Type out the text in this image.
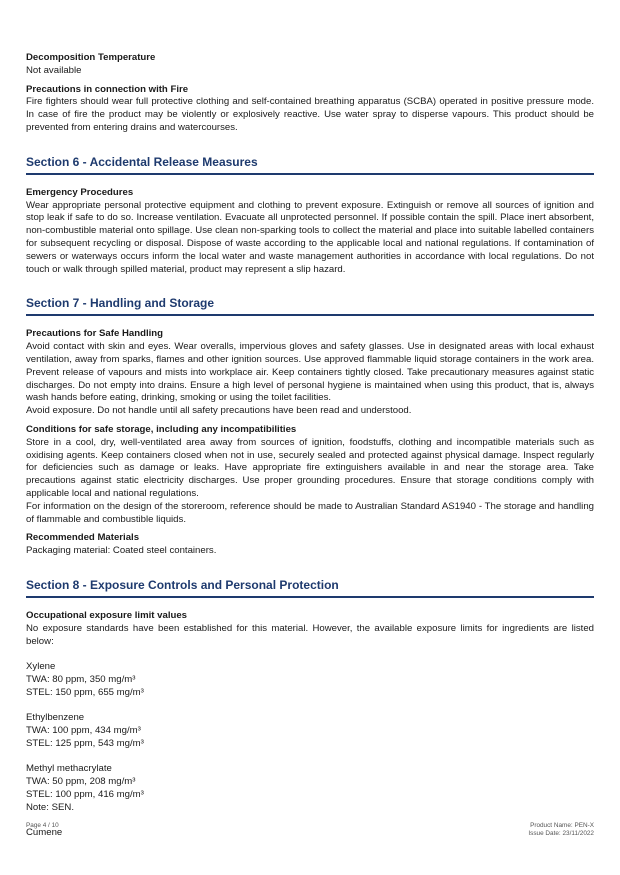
Decomposition Temperature

Not available

Precautions in connection with Fire

Fire fighters should wear full protective clothing and self-contained breathing apparatus (SCBA) operated in positive pressure mode. In case of fire the product may be violently or explosively reactive. Use water spray to disperse vapours. This product should be prevented from entering drains and watercourses.

Section 6 - Accidental Release Measures

Emergency Procedures

Wear appropriate personal protective equipment and clothing to prevent exposure. Extinguish or remove all sources of ignition and stop leak if safe to do so. Increase ventilation. Evacuate all unprotected personnel. If possible contain the spill. Place inert absorbent, non-combustible material onto spillage. Use clean non-sparking tools to collect the material and place into suitable labelled containers for subsequent recycling or disposal. Dispose of waste according to the applicable local and national regulations. If contamination of sewers or waterways occurs inform the local water and waste management authorities in accordance with local regulations. Do not touch or walk through spilled material, product may represent a slip hazard.

Section 7 - Handling and Storage

Precautions for Safe Handling

Avoid contact with skin and eyes. Wear overalls, impervious gloves and safety glasses. Use in designated areas with local exhaust ventilation, away from sparks, flames and other ignition sources. Use approved flammable liquid storage containers in the work area. Prevent release of vapours and mists into workplace air. Keep containers tightly closed. Take precautionary measures against static discharges. Do not empty into drains. Ensure a high level of personal hygiene is maintained when using this product, that is, always wash hands before eating, drinking, smoking or using the toilet facilities.

Avoid exposure. Do not handle until all safety precautions have been read and understood.

Conditions for safe storage, including any incompatibilities

Store in a cool, dry, well-ventilated area away from sources of ignition, foodstuffs, clothing and incompatible materials such as oxidising agents. Keep containers closed when not in use, securely sealed and protected against physical damage. Inspect regularly for deficiencies such as damage or leaks. Have appropriate fire extinguishers available in and near the storage area. Take precautions against static electricity discharges. Use proper grounding procedures. Ensure that storage conditions comply with applicable local and national regulations.

For information on the design of the storeroom, reference should be made to Australian Standard AS1940 - The storage and handling of flammable and combustible liquids.

Recommended Materials

Packaging material: Coated steel containers.

Section 8 - Exposure Controls and Personal Protection

Occupational exposure limit values

No exposure standards have been established for this material. However, the available exposure limits for ingredients are listed below:

Xylene

TWA: 80 ppm, 350 mg/m³

STEL: 150 ppm, 655 mg/m³

Ethylbenzene

TWA: 100 ppm, 434 mg/m³

STEL: 125 ppm, 543 mg/m³

Methyl methacrylate

TWA: 50 ppm, 208 mg/m³

STEL: 100 ppm, 416 mg/m³

Note: SEN.

Cumene

Page 4 / 10	Product Name: PEN-X
Issue Date: 23/11/2022
